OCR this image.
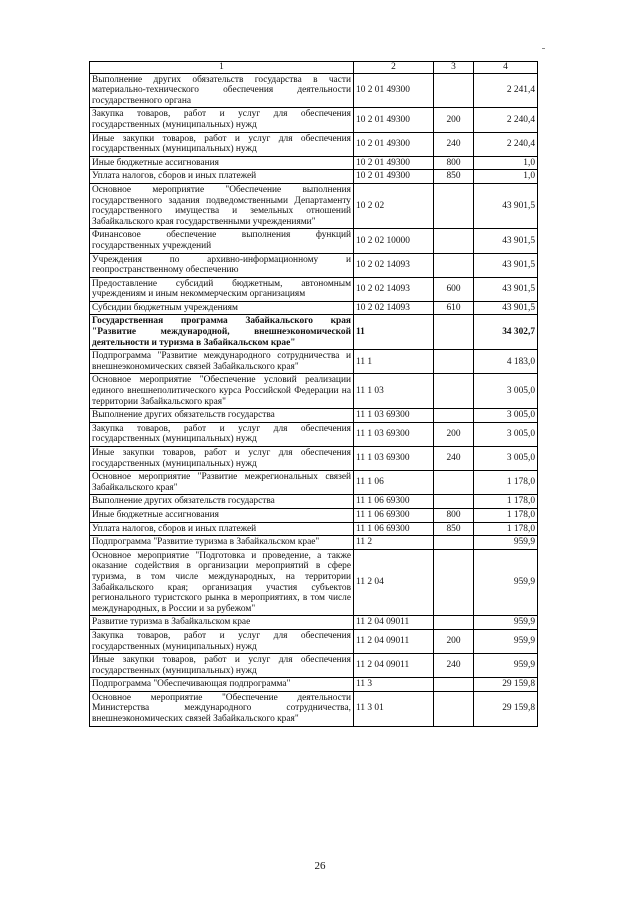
1	2	3	4
Выполнение других обязательств государства в части материально-технического обеспечения деятельности государственного органа	10 2 01 49300		2 241,4
Закупка товаров, работ и услуг для обеспечения государственных (муниципальных) нужд	10 2 01 49300	200	2 240,4
Иные закупки товаров, работ и услуг для обеспечения государственных (муниципальных) нужд	10 2 01 49300	240	2 240,4
Иные бюджетные ассигнования	10 2 01 49300	800	1,0
Уплата налогов, сборов и иных платежей	10 2 01 49300	850	1,0
Основное мероприятие "Обеспечение выполнения государственного задания подведомственными Департаменту государственного имущества и земельных отношений Забайкальского края государственными учреждениями"	10 2 02		43 901,5
Финансовое обеспечение выполнения функций государственных учреждений	10 2 02 10000		43 901,5
Учреждения по архивно-информационному и геопространственному обеспечению	10 2 02 14093		43 901,5
Предоставление субсидий бюджетным, автономным учреждениям и иным некоммерческим организациям	10 2 02 14093	600	43 901,5
Субсидии бюджетным учреждениям	10 2 02 14093	610	43 901,5
Государственная программа Забайкальского края "Развитие международной, внешнеэкономической деятельности и туризма в Забайкальском крае"	11		34 302,7
Подпрограмма "Развитие международного сотрудничества и внешнеэкономических связей Забайкальского края"	11 1		4 183,0
Основное мероприятие "Обеспечение условий реализации единого внешнеполитического курса Российской Федерации на территории Забайкальского края"	11 1 03		3 005,0
Выполнение других обязательств государства	11 1 03 69300		3 005,0
Закупка товаров, работ и услуг для обеспечения государственных (муниципальных) нужд	11 1 03 69300	200	3 005,0
Иные закупки товаров, работ и услуг для обеспечения государственных (муниципальных) нужд	11 1 03 69300	240	3 005,0
Основное мероприятие "Развитие межрегиональных связей Забайкальского края"	11 1 06		1 178,0
Выполнение других обязательств государства	11 1 06 69300		1 178,0
Иные бюджетные ассигнования	11 1 06 69300	800	1 178,0
Уплата налогов, сборов и иных платежей	11 1 06 69300	850	1 178,0
Подпрограмма "Развитие туризма в Забайкальском крае"	11 2		959,9
Основное мероприятие "Подготовка и проведение, а также оказание содействия в организации мероприятий в сфере туризма, в том числе международных, на территории Забайкальского края; организация участия субъектов регионального туристского рынка в мероприятиях, в том числе международных, в России и за рубежом"	11 2 04		959,9
Развитие туризма в Забайкальском крае	11 2 04 09011		959,9
Закупка товаров, работ и услуг для обеспечения государственных (муниципальных) нужд	11 2 04 09011	200	959,9
Иные закупки товаров, работ и услуг для обеспечения государственных (муниципальных) нужд	11 2 04 09011	240	959,9
Подпрограмма "Обеспечивающая подпрограмма"	11 3		29 159,8
Основное мероприятие "Обеспечение деятельности Министерства международного сотрудничества, внешнеэкономических связей Забайкальского края"	11 3 01		29 159,8
26
